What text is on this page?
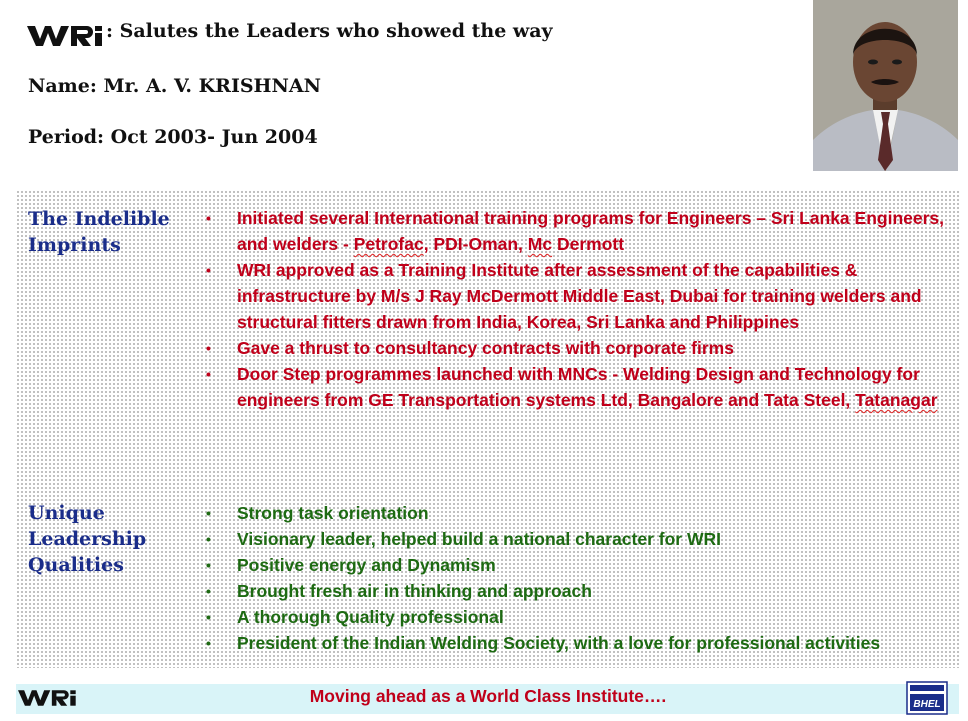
WRI	: Salutes the Leaders who showed the way
Name: Mr. A. V. KRISHNAN
Period: Oct 2003- Jun 2004
The Indelible Imprints
• Initiated several International training programs for Engineers – Sri Lanka Engineers, and welders - Petrofac, PDI-Oman, Mc Dermott
• WRI approved as a Training Institute after assessment of the capabilities & infrastructure by M/s J Ray McDermott Middle East, Dubai for training welders and structural fitters drawn from India, Korea, Sri Lanka and Philippines
• Gave a thrust to consultancy contracts with corporate firms
• Door Step programmes launched with MNCs - Welding Design and Technology for engineers from GE Transportation systems Ltd, Bangalore and Tata Steel, Tatanagar
Unique Leadership Qualities
• Strong task orientation
• Visionary leader, helped build a national character for WRI
• Positive energy and Dynamism
• Brought fresh air in thinking and approach
• A thorough Quality professional
• President of the Indian Welding Society, with a love for professional activities
Moving ahead as a World Class Institute….	BHEL
